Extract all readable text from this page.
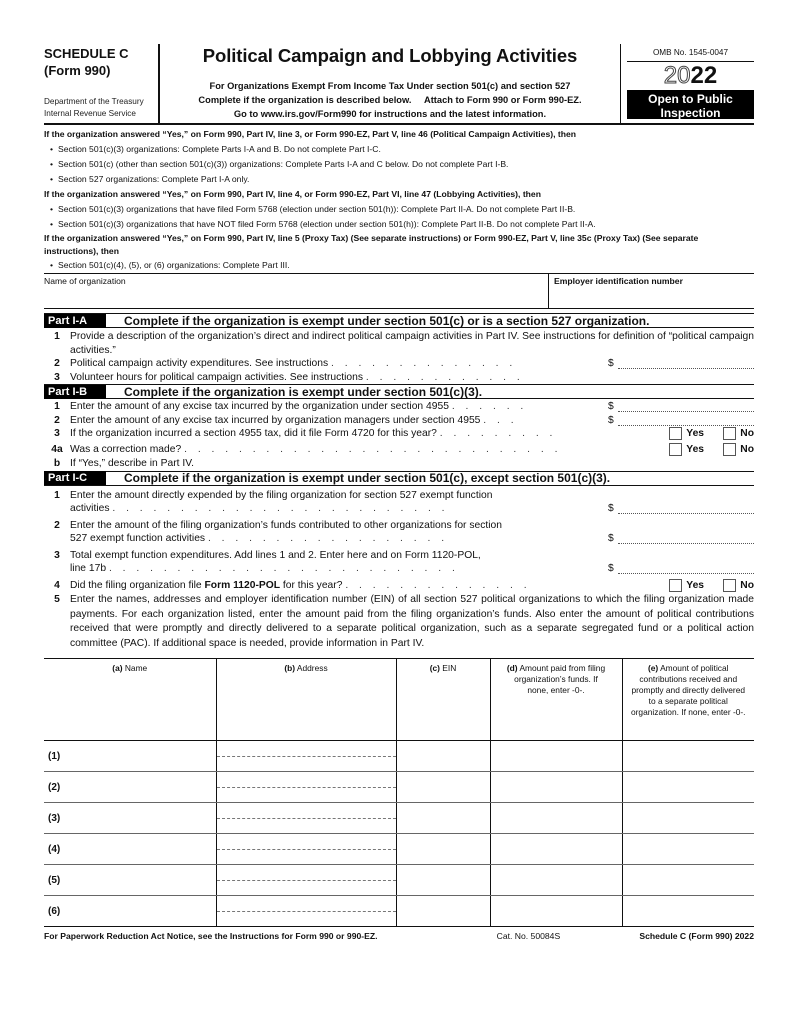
SCHEDULE C
(Form 990)
Department of the Treasury
Internal Revenue Service
Political Campaign and Lobbying Activities
For Organizations Exempt From Income Tax Under section 501(c) and section 527
Complete if the organization is described below.     Attach to Form 990 or Form 990-EZ.
Go to www.irs.gov/Form990 for instructions and the latest information.
OMB No. 1545-0047
2022
Open to Public
Inspection
If the organization answered “Yes,” on Form 990, Part IV, line 3, or Form 990-EZ, Part V, line 46 (Political Campaign Activities), then
• Section 501(c)(3) organizations: Complete Parts I-A and B. Do not complete Part I-C.
• Section 501(c) (other than section 501(c)(3)) organizations: Complete Parts I-A and C below. Do not complete Part I-B.
• Section 527 organizations: Complete Part I-A only.
If the organization answered “Yes,” on Form 990, Part IV, line 4, or Form 990-EZ, Part VI, line 47 (Lobbying Activities), then
• Section 501(c)(3) organizations that have filed Form 5768 (election under section 501(h)): Complete Part II-A. Do not complete Part II-B.
• Section 501(c)(3) organizations that have NOT filed Form 5768 (election under section 501(h)): Complete Part II-B. Do not complete Part II-A.
If the organization answered “Yes,” on Form 990, Part IV, line 5 (Proxy Tax) (See separate instructions) or Form 990-EZ, Part V, line 35c (Proxy Tax) (See separate instructions), then
• Section 501(c)(4), (5), or (6) organizations: Complete Part III.
Name of organization	Employer identification number
Part I-A	Complete if the organization is exempt under section 501(c) or is a section 527 organization.
1 Provide a description of the organization’s direct and indirect political campaign activities in Part IV. See instructions for definition of “political campaign activities.”
2 Political campaign activity expenditures. See instructions . . . . . . . . . . . . . .	$
3 Volunteer hours for political campaign activities. See instructions . . . . . . . . . . . .
Part I-B	Complete if the organization is exempt under section 501(c)(3).
1 Enter the amount of any excise tax incurred by the organization under section 4955 . . . . . .	$
2 Enter the amount of any excise tax incurred by organization managers under section 4955 . . .	$
3 If the organization incurred a section 4955 tax, did it file Form 4720 for this year? . . . . . . . . .	Yes	No
4a Was a correction made? . . . . . . . . . . . . . . . . . . . . . . . . . . . .	Yes	No
b If “Yes,” describe in Part IV.
Part I-C	Complete if the organization is exempt under section 501(c), except section 501(c)(3).
1 Enter the amount directly expended by the filing organization for section 527 exempt function
activities . . . . . . . . . . . . . . . . . . . . . . . . .	$
2 Enter the amount of the filing organization’s funds contributed to other organizations for section
527 exempt function activities . . . . . . . . . . . . . . . . . .	$
3 Total exempt function expenditures. Add lines 1 and 2. Enter here and on Form 1120-POL,
line 17b . . . . . . . . . . . . . . . . . . . . . . . . . .	$
4 Did the filing organization file Form 1120-POL for this year? . . . . . . . . . . . . . .	Yes	No
5 Enter the names, addresses and employer identification number (EIN) of all section 527 political organizations to which the filing organization made payments. For each organization listed, enter the amount paid from the filing organization’s funds. Also enter the amount of political contributions received that were promptly and directly delivered to a separate political organization, such as a separate segregated fund or a political action committee (PAC). If additional space is needed, provide information in Part IV.
(a) Name	(b) Address	(c) EIN	(d) Amount paid from filing organization’s funds. If none, enter -0-.	(e) Amount of political contributions received and promptly and directly delivered to a separate political organization. If none, enter -0-.
(1)	

(2)	

(3)	

(4)	

(5)	

(6)	

For Paperwork Reduction Act Notice, see the Instructions for Form 990 or 990-EZ.	Cat. No. 50084S	Schedule C (Form 990) 2022
